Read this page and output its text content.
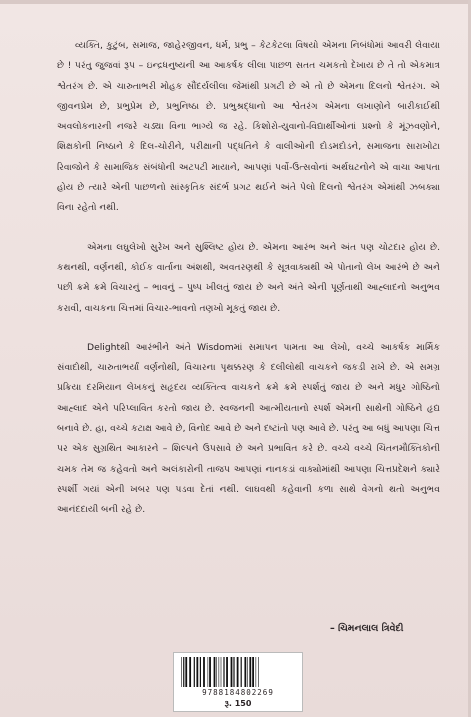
વ્યક્તિ, કુટુંબ, સમાજ, જાહેરજીવન, ધર્મ, પ્રભુ – કેટકેટલા વિષયો એમના નિબંધોમાં આવરી લેવાયા છે ! પરંતુ જુજવાં રૂપ – ઇન્દ્રધનુષ્યની આ આકર્ષક લીલા પાછળ સતત ચમકતો દેખાય છે તે તો એકમાત્ર શ્વેતરંગ છે. એ ચારુતાભરી મોહક સૌંદર્યલીલા જેમાંથી પ્રગટી છે એ તો છે એમના દિલનો શ્વેતરંગ. એ જીવનપ્રેમ છે, પ્રભુપ્રેમ છે, પ્રભુનિષ્ઠા છે. પ્રભુશ્રદ્ધાનો આ શ્વેતરંગ એમના લખાણોને બારીકાઈથી અવલોકનારની નજરે ચડ્યા વિના ભાગ્યે જ રહે. કિશોરો-યુવાનો-વિદ્યાર્થીઓનાં પ્રશ્નો કે મૂંઝવણોને, શિક્ષકોની નિષ્ઠાને કે દિલ-ચોરીને, પરીક્ષાની પદ્ધતિને કે વાલીઓની દોડમદોડને, સમાજના સારાખોટા રિવાજોને કે સામાજિક સંબંધોની અટપટી માયાને, આપણાં પર્વો-ઉત્સવોનાં અર્થઘટનોને એ વાચા આપતા હોય છે ત્યારે એની પાછળનો સાંસ્કૃતિક સંદર્ભ પ્રગટ થઈને અંતે પેલો દિલનો શ્વેતરંગ એમાંથી ઝબક્યા વિના રહેતો નથી.

એમના લઘુલેખો સુરેખ અને સુશ્લિષ્ટ હોય છે. એમના આરંભ અને અંત પણ ચોટદાર હોય છે. કથનથી, વર્ણનથી, કોઈક વાર્તાના અંશથી, અવતરણથી કે સૂત્રવાક્યથી એ પોતાનો લેખ આરંભે છે અને પછી ક્રમે ક્રમે વિચારનું – ભાવનું – પુષ્પ ખીલતું જાય છે અને અંતે એની પૂર્ણતાથી આહ્લાદનો અનુભવ કરાવી, વાચકના ચિત્તમાં વિચાર-ભાવનો તણખો મૂકતું જાય છે.

Delightથી આરંભીને અંતે Wisdomમાં સમાપન પામતા આ લેખો, વચ્ચે આકર્ષક માર્મિક સંવાદોથી, ચારુતાભર્યાં વર્ણનોથી, વિચારના પૃથક્કરણ કે દલીલોથી વાચકને જકડી રાખે છે. એ સમગ્ર પ્રક્રિયા દરમિયાન લેખકનું સહૃદય વ્યક્તિત્વ વાચકને ક્રમે ક્રમે સ્પર્શતું જાય છે અને મધુર ગોષ્ઠિનો આહ્લાદ એને પરિપ્લાવિત કરતો જાય છે. સ્વજનની આત્મીયતાનો સ્પર્શ એમની સાથેની ગોષ્ઠિને હૃદ્ય બનાવે છે. હા, વચ્ચે કટાક્ષ આવે છે, વિનોદ આવે છે અને દષ્ટાંતો પણ આવે છે. પરંતુ આ બધું આપણા ચિત્ત પર એક સુગ્રથિત આકારને – શિલ્પને ઉપસાવે છે અને પ્રભાવિત કરે છે. વચ્ચે વચ્ચે ચિંતનમૌક્તિકોની ચમક તેમ જ કહેવતો અને અલંકારોની તાજપ આપણાં નાનકડાં વાક્યોમાંથી આપણા ચિત્તપ્રદેશને ક્યારે સ્પર્શી ગયાં એની ખબર પણ પડવા દેતાં નથી. લાઘવથી કહેવાની કળા સાથે વેગનો થતો અનુભવ આનંદદાયી બની રહે છે.

– ચિમનલાલ ત્રિવેદી
9788184802269
રૂ. 150
